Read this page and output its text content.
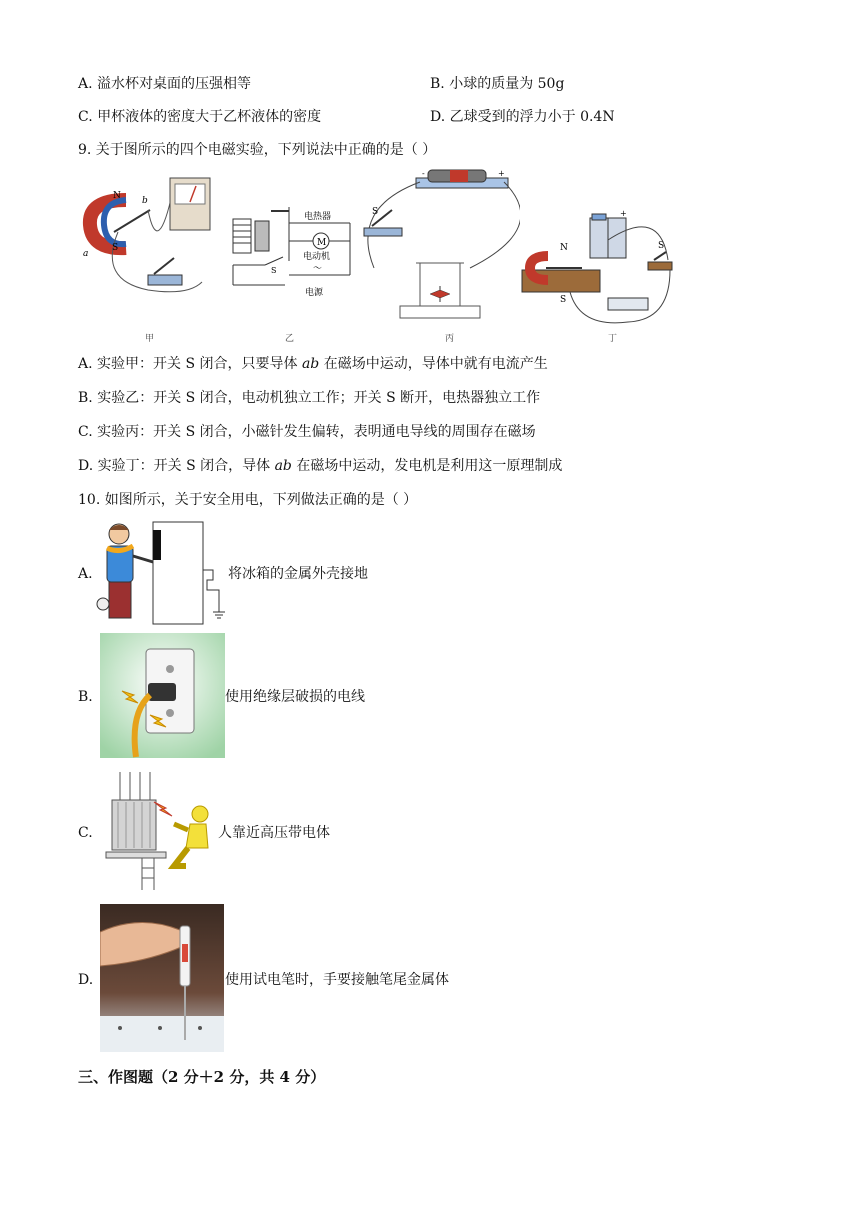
A. 溢水杯对桌面的压强相等	B. 小球的质量为 50g
C. 甲杯液体的密度大于乙杯液体的密度	D. 乙球受到的浮力小于 0.4N
9. 关于图所示的四个电磁实验，下列说法中正确的是（ ）
N
S
a
b
M
电热器
电动机
～
电源
S
-	+
S
N
S
+
S
甲	乙	丙	丁
A. 实验甲：开关 S 闭合，只要导体 ab 在磁场中运动，导体中就有电流产生
B. 实验乙：开关 S 闭合，电动机独立工作；开关 S 断开，电热器独立工作
C. 实验丙：开关 S 闭合，小磁针发生偏转，表明通电导线的周围存在磁场
D. 实验丁：开关 S 闭合，导体 ab 在磁场中运动，发电机是利用这一原理制成
10. 如图所示，关于安全用电，下列做法正确的是（ ）
A.	将冰箱的金属外壳接地
B.	使用绝缘层破损的电线
C.	人靠近高压带电体
D.	使用试电笔时，手要接触笔尾金属体
三、作图题（2 分＋2 分，共 4 分）
